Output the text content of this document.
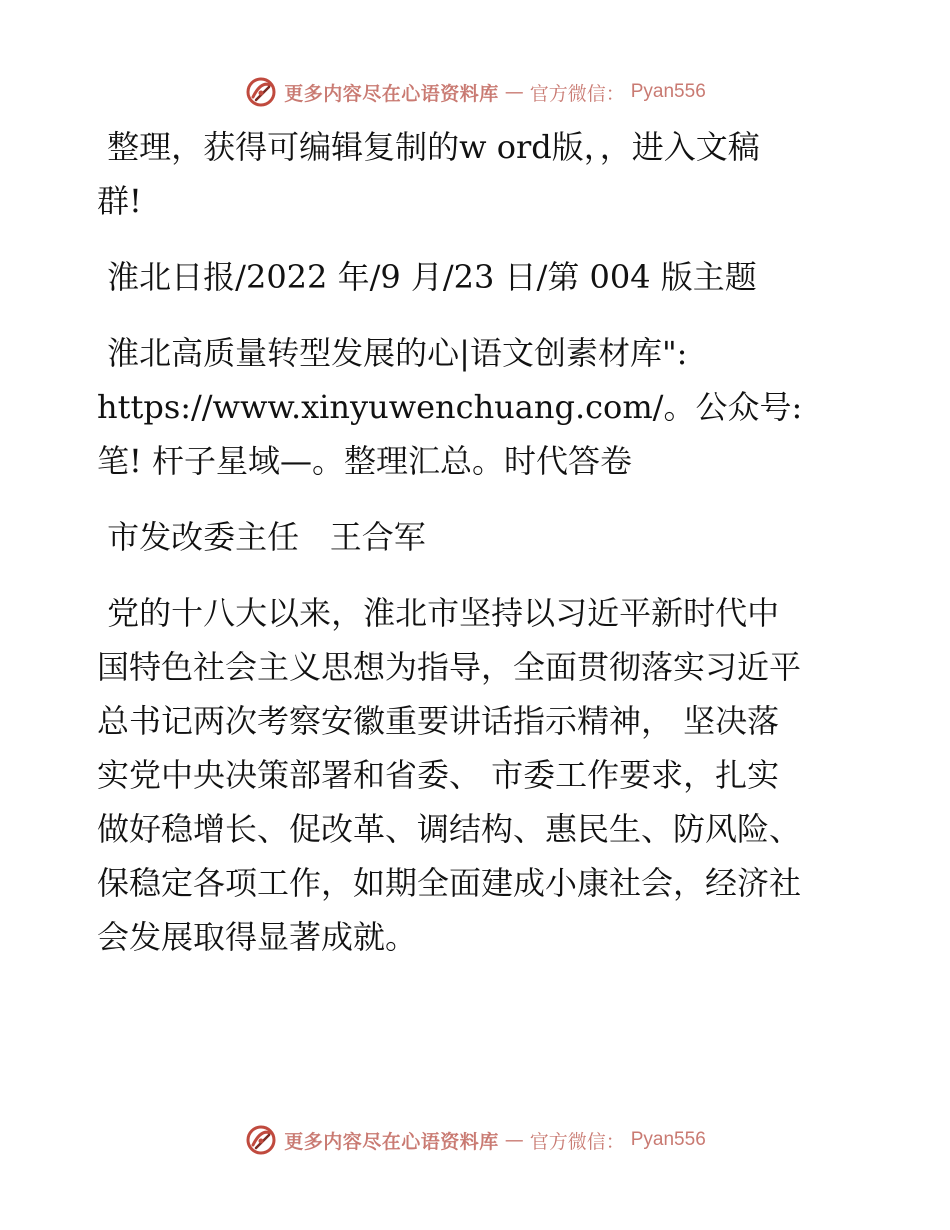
更多内容尽在心语资料库 — 官方微信： Pyan556

整理，获得可编辑复制的w ord版，，进入文稿

群!

淮北日报/2022 年/9 月/23 日/第 004 版主题

淮北高质量转型发展的心|语文创素材库":

https://www.xinyuwenchuang.com/。公众号:

笔! 杆子星域—。整理汇总。时代答卷

市发改委主任   王合军

党的十八大以来，淮北市坚持以习近平新时代中

国特色社会主义思想为指导，全面贯彻落实习近平

总书记两次考察安徽重要讲话指示精神， 坚决落

实党中央决策部署和省委、 市委工作要求，扎实

做好稳增长、促改革、调结构、惠民生、防风险、

保稳定各项工作，如期全面建成小康社会，经济社

会发展取得显著成就。

更多内容尽在心语资料库 — 官方微信： Pyan556
